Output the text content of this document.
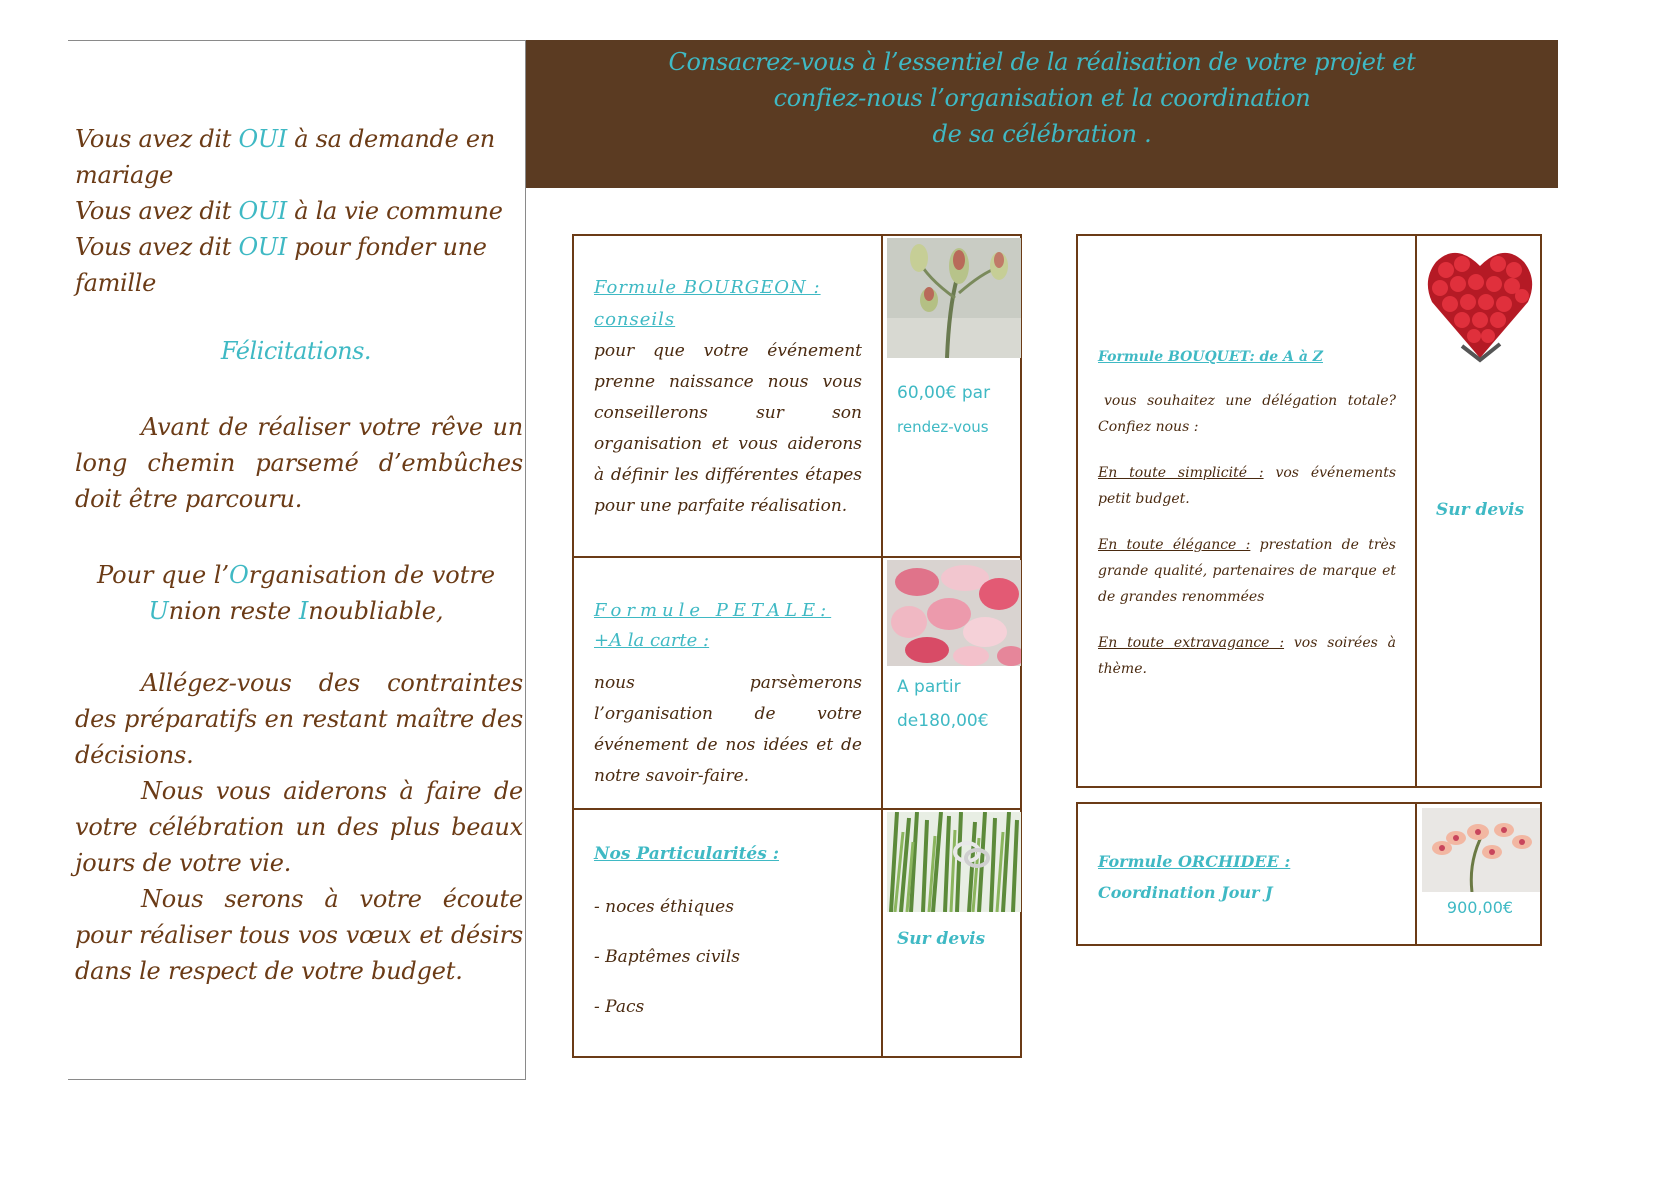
Vous avez dit OUI à sa demande en
mariage
Vous avez dit OUI à la vie commune
Vous avez dit OUI pour fonder une
famille
Félicitations.
Avant de réaliser votre rêve un long chemin parsemé d’embûches doit être parcouru.
Pour que l’Organisation de votre
Union reste Inoubliable,
Allégez-vous des contraintes des préparatifs en restant maître des décisions.
Nous vous aiderons à faire de votre célébration un des plus beaux jours de votre vie.
Nous serons à votre écoute pour réaliser tous vos vœux et désirs dans le respect de votre budget.
Consacrez-vous à l’essentiel de la réalisation de votre projet et
confiez-nous l’organisation et la coordination
de sa célébration .
Formule BOURGEON : conseils
pour que votre événement prenne naissance nous vous conseillerons sur son organisation et vous aiderons à définir les différentes étapes pour une parfaite réalisation.
60,00€ par
rendez-vous
Formule PETALE:
+A la carte :
nous parsèmerons l’organisation de votre événement de nos idées et de notre savoir-faire.
A partir
de180,00€
Nos Particularités :
- noces éthiques
- Baptêmes civils
- Pacs
Sur devis
Formule BOUQUET: de A à Z
vous souhaitez une délégation totale? Confiez nous :
En toute simplicité : vos événements petit budget.
En toute élégance : prestation de très grande qualité, partenaires de marque et de grandes renommées
En toute extravagance : vos soirées à thème.
Sur devis
Formule ORCHIDEE :
Coordination Jour J
900,00€
